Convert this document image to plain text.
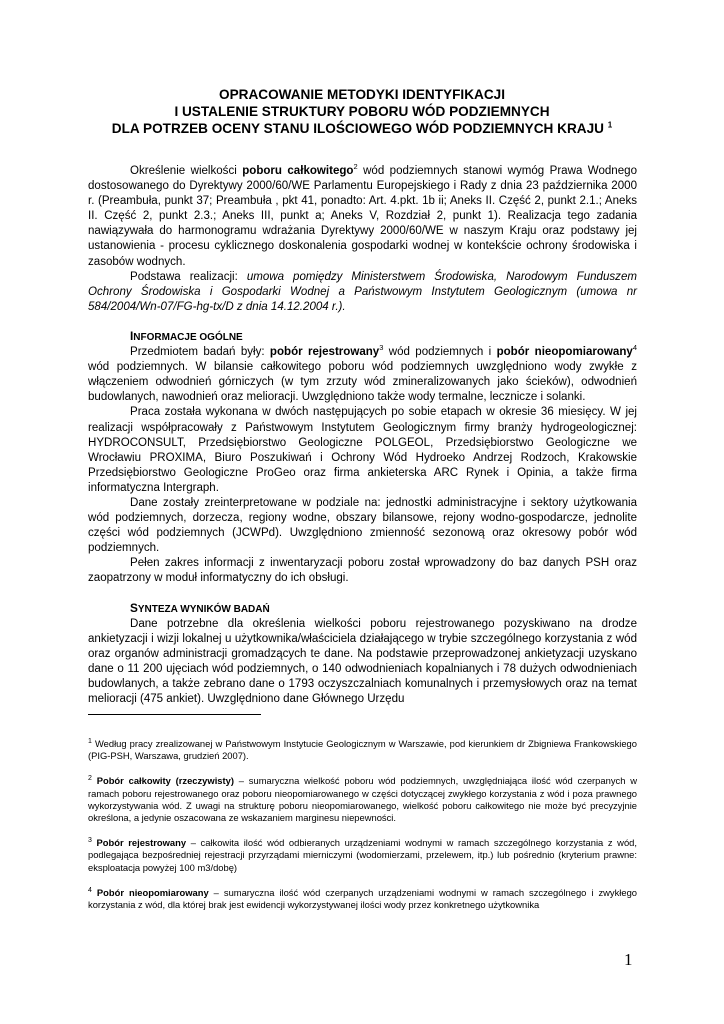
OPRACOWANIE METODYKI IDENTYFIKACJI
I USTALENIE STRUKTURY POBORU WÓD PODZIEMNYCH
DLA POTRZEB OCENY STANU ILOŚCIOWEGO WÓD PODZIEMNYCH KRAJU $^1$

Określenie wielkości poboru całkowitego$^2$ wód podziemnych stanowi wymóg Prawa Wodnego dostosowanego do Dyrektywy 2000/60/WE Parlamentu Europejskiego i Rady z dnia 23 października 2000 r. (Preambuła, punkt 37; Preambuła , pkt 41, ponadto: Art. 4.pkt. 1b ii; Aneks II. Część 2, punkt 2.1.; Aneks II. Część 2, punkt 2.3.; Aneks III, punkt a; Aneks V, Rozdział 2, punkt 1). Realizacja tego zadania nawiązywała do harmonogramu wdrażania Dyrektywy 2000/60/WE w naszym Kraju oraz podstawy jej ustanowienia - procesu cyklicznego doskonalenia gospodarki wodnej w kontekście ochrony środowiska i zasobów wodnych.

Podstawa realizacji: umowa pomiędzy Ministerstwem Środowiska, Narodowym Funduszem Ochrony Środowiska i Gospodarki Wodnej a Państwowym Instytutem Geologicznym (umowa nr 584/2004/Wn-07/FG-hg-tx/D z dnia 14.12.2004 r.).

INFORMACJE OGÓLNE

Przedmiotem badań były: pobór rejestrowany$^3$ wód podziemnych i pobór nieopomiarowany$^4$ wód podziemnych. W bilansie całkowitego poboru wód podziemnych uwzględniono wody zwykłe z włączeniem odwodnień górniczych (w tym zrzuty wód zmineralizowanych jako ścieków), odwodnień budowlanych, nawodnień oraz melioracji. Uwzględniono także wody termalne, lecznicze i solanki.

Praca została wykonana w dwóch następujących po sobie etapach w okresie 36 miesięcy. W jej realizacji współpracowały z Państwowym Instytutem Geologicznym firmy branży hydrogeologicznej: HYDROCONSULT, Przedsiębiorstwo Geologiczne POLGEOL, Przedsiębiorstwo Geologiczne we Wrocławiu PROXIMA, Biuro Poszukiwań i Ochrony Wód Hydroeko Andrzej Rodzoch, Krakowskie Przedsiębiorstwo Geologiczne ProGeo oraz firma ankieterska ARC Rynek i Opinia, a także firma informatyczna Intergraph.

Dane zostały zreinterpretowane w podziale na: jednostki administracyjne i sektory użytkowania wód podziemnych, dorzecza, regiony wodne, obszary bilansowe, rejony wodno-gospodarcze, jednolite części wód podziemnych (JCWPd). Uwzględniono zmienność sezonową oraz okresowy pobór wód podziemnych.

Pełen zakres informacji z inwentaryzacji poboru został wprowadzony do baz danych PSH oraz zaopatrzony w moduł informatyczny do ich obsługi.

SYNTEZA WYNIKÓW BADAŃ

Dane potrzebne dla określenia wielkości poboru rejestrowanego pozyskiwano na drodze ankietyzacji i wizji lokalnej u użytkownika/właściciela działającego w trybie szczególnego korzystania z wód oraz organów administracji gromadzących te dane. Na podstawie przeprowadzonej ankietyzacji uzyskano dane o 11 200 ujęciach wód podziemnych, o 140 odwodnieniach kopalnianych i 78 dużych odwodnieniach budowlanych, a także zebrano dane o 1793 oczyszczalniach komunalnych i przemysłowych oraz na temat melioracji (475 ankiet). Uwzględniono dane Głównego Urzędu

$^1$ Według pracy zrealizowanej w Państwowym Instytucie Geologicznym w Warszawie, pod kierunkiem dr Zbigniewa Frankowskiego (PIG-PSH, Warszawa, grudzień 2007).

$^2$ Pobór całkowity (rzeczywisty) – sumaryczna wielkość poboru wód podziemnych, uwzględniająca ilość wód czerpanych w ramach poboru rejestrowanego oraz poboru nieopomiarowanego w części dotyczącej zwykłego korzystania z wód i poza prawnego wykorzystywania wód. Z uwagi na strukturę poboru nieopomiarowanego, wielkość poboru całkowitego nie może być precyzyjnie określona, a jedynie oszacowana ze wskazaniem marginesu niepewności.

$^3$ Pobór rejestrowany – całkowita ilość wód odbieranych urządzeniami wodnymi w ramach szczególnego korzystania z wód, podlegająca bezpośredniej rejestracji przyrządami mierniczymi (wodomierzami, przelewem, itp.) lub pośrednio (kryterium prawne: eksploatacja powyżej 100 m3/dobę)

$^4$ Pobór nieopomiarowany – sumaryczna ilość wód czerpanych urządzeniami wodnymi w ramach szczególnego i zwykłego korzystania z wód, dla której brak jest ewidencji wykorzystywanej ilości wody przez konkretnego użytkownika

1
